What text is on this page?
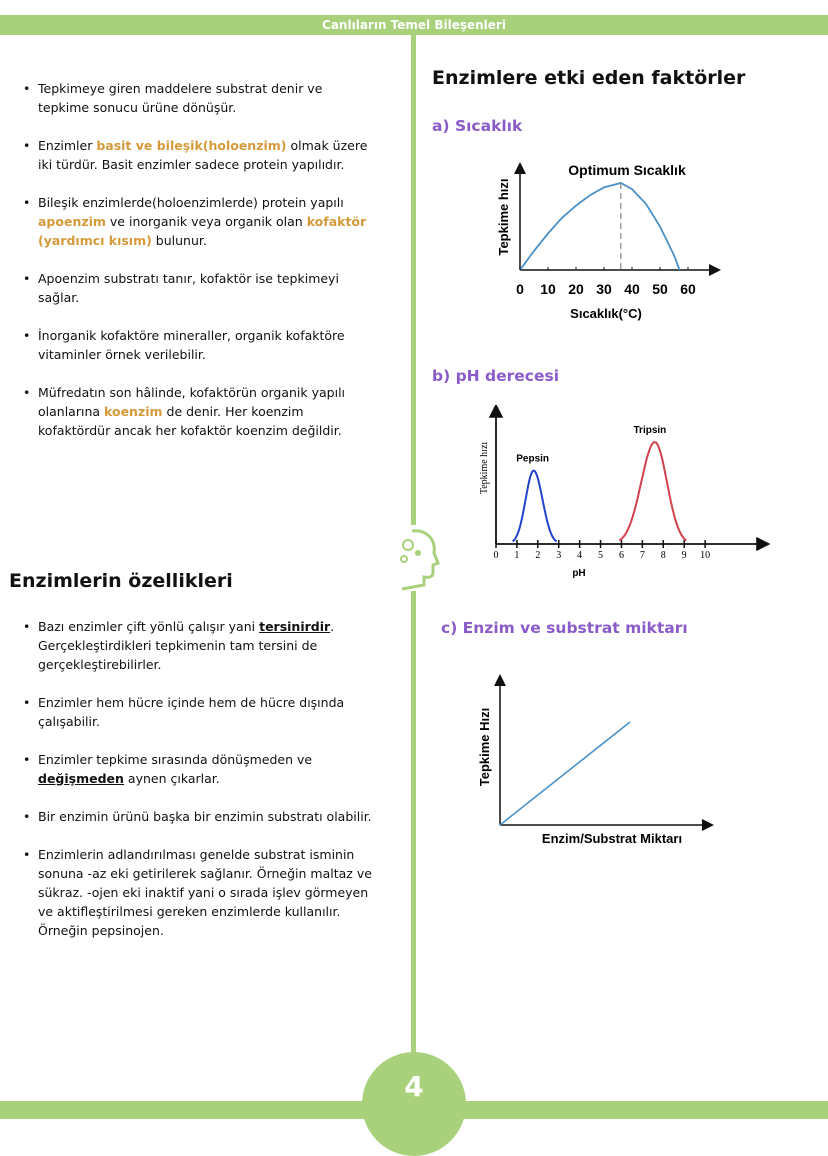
<<	>>
Canlıların Temel Bileşenleri
• Tepkimeye giren maddelere substrat denir ve tepkime sonucu ürüne dönüşür.
• Enzimler basit ve bileşik(holoenzim) olmak üzere iki türdür. Basit enzimler sadece protein yapılıdır.
• Bileşik enzimlerde(holoenzimlerde) protein yapılı apoenzim ve inorganik veya organik olan kofaktör (yardımcı kısım) bulunur.
• Apoenzim substratı tanır, kofaktör ise tepkimeyi sağlar.
• İnorganik kofaktöre mineraller, organik kofaktöre vitaminler örnek verilebilir.
• Müfredatın son hâlinde, kofaktörün organik yapılı olanlarına koenzim de denir. Her koenzim kofaktördür ancak her kofaktör koenzim değildir.
Enzimlerin özellikleri
• Bazı enzimler çift yönlü çalışır yani tersinirdir. Gerçekleştirdikleri tepkimenin tam tersini de gerçekleştirebilirler.
• Enzimler hem hücre içinde hem de hücre dışında çalışabilir.
• Enzimler tepkime sırasında dönüşmeden ve değişmeden aynen çıkarlar.
• Bir enzimin ürünü başka bir enzimin substratı olabilir.
• Enzimlerin adlandırılması genelde substrat isminin sonuna -az eki getirilerek sağlanır. Örneğin maltaz ve sükraz. -ojen eki inaktif yani o sırada işlev görmeyen ve aktifleştirilmesi gereken enzimlerde kullanılır. Örneğin pepsinojen.
Enzimlere etki eden faktörler
a) Sıcaklık
b) pH derecesi
c) Enzim ve substrat miktarı
Optimum Sıcaklık
Tepkime hızı
Sıcaklık(°C)
0 10 20 30 40 50 60
Tepkime hızı
pH
0 1 2 3 4 5 6 7 8 9 10
Pepsin
Tripsin
Tepkime Hızı
Enzim/Substrat Miktarı
4
